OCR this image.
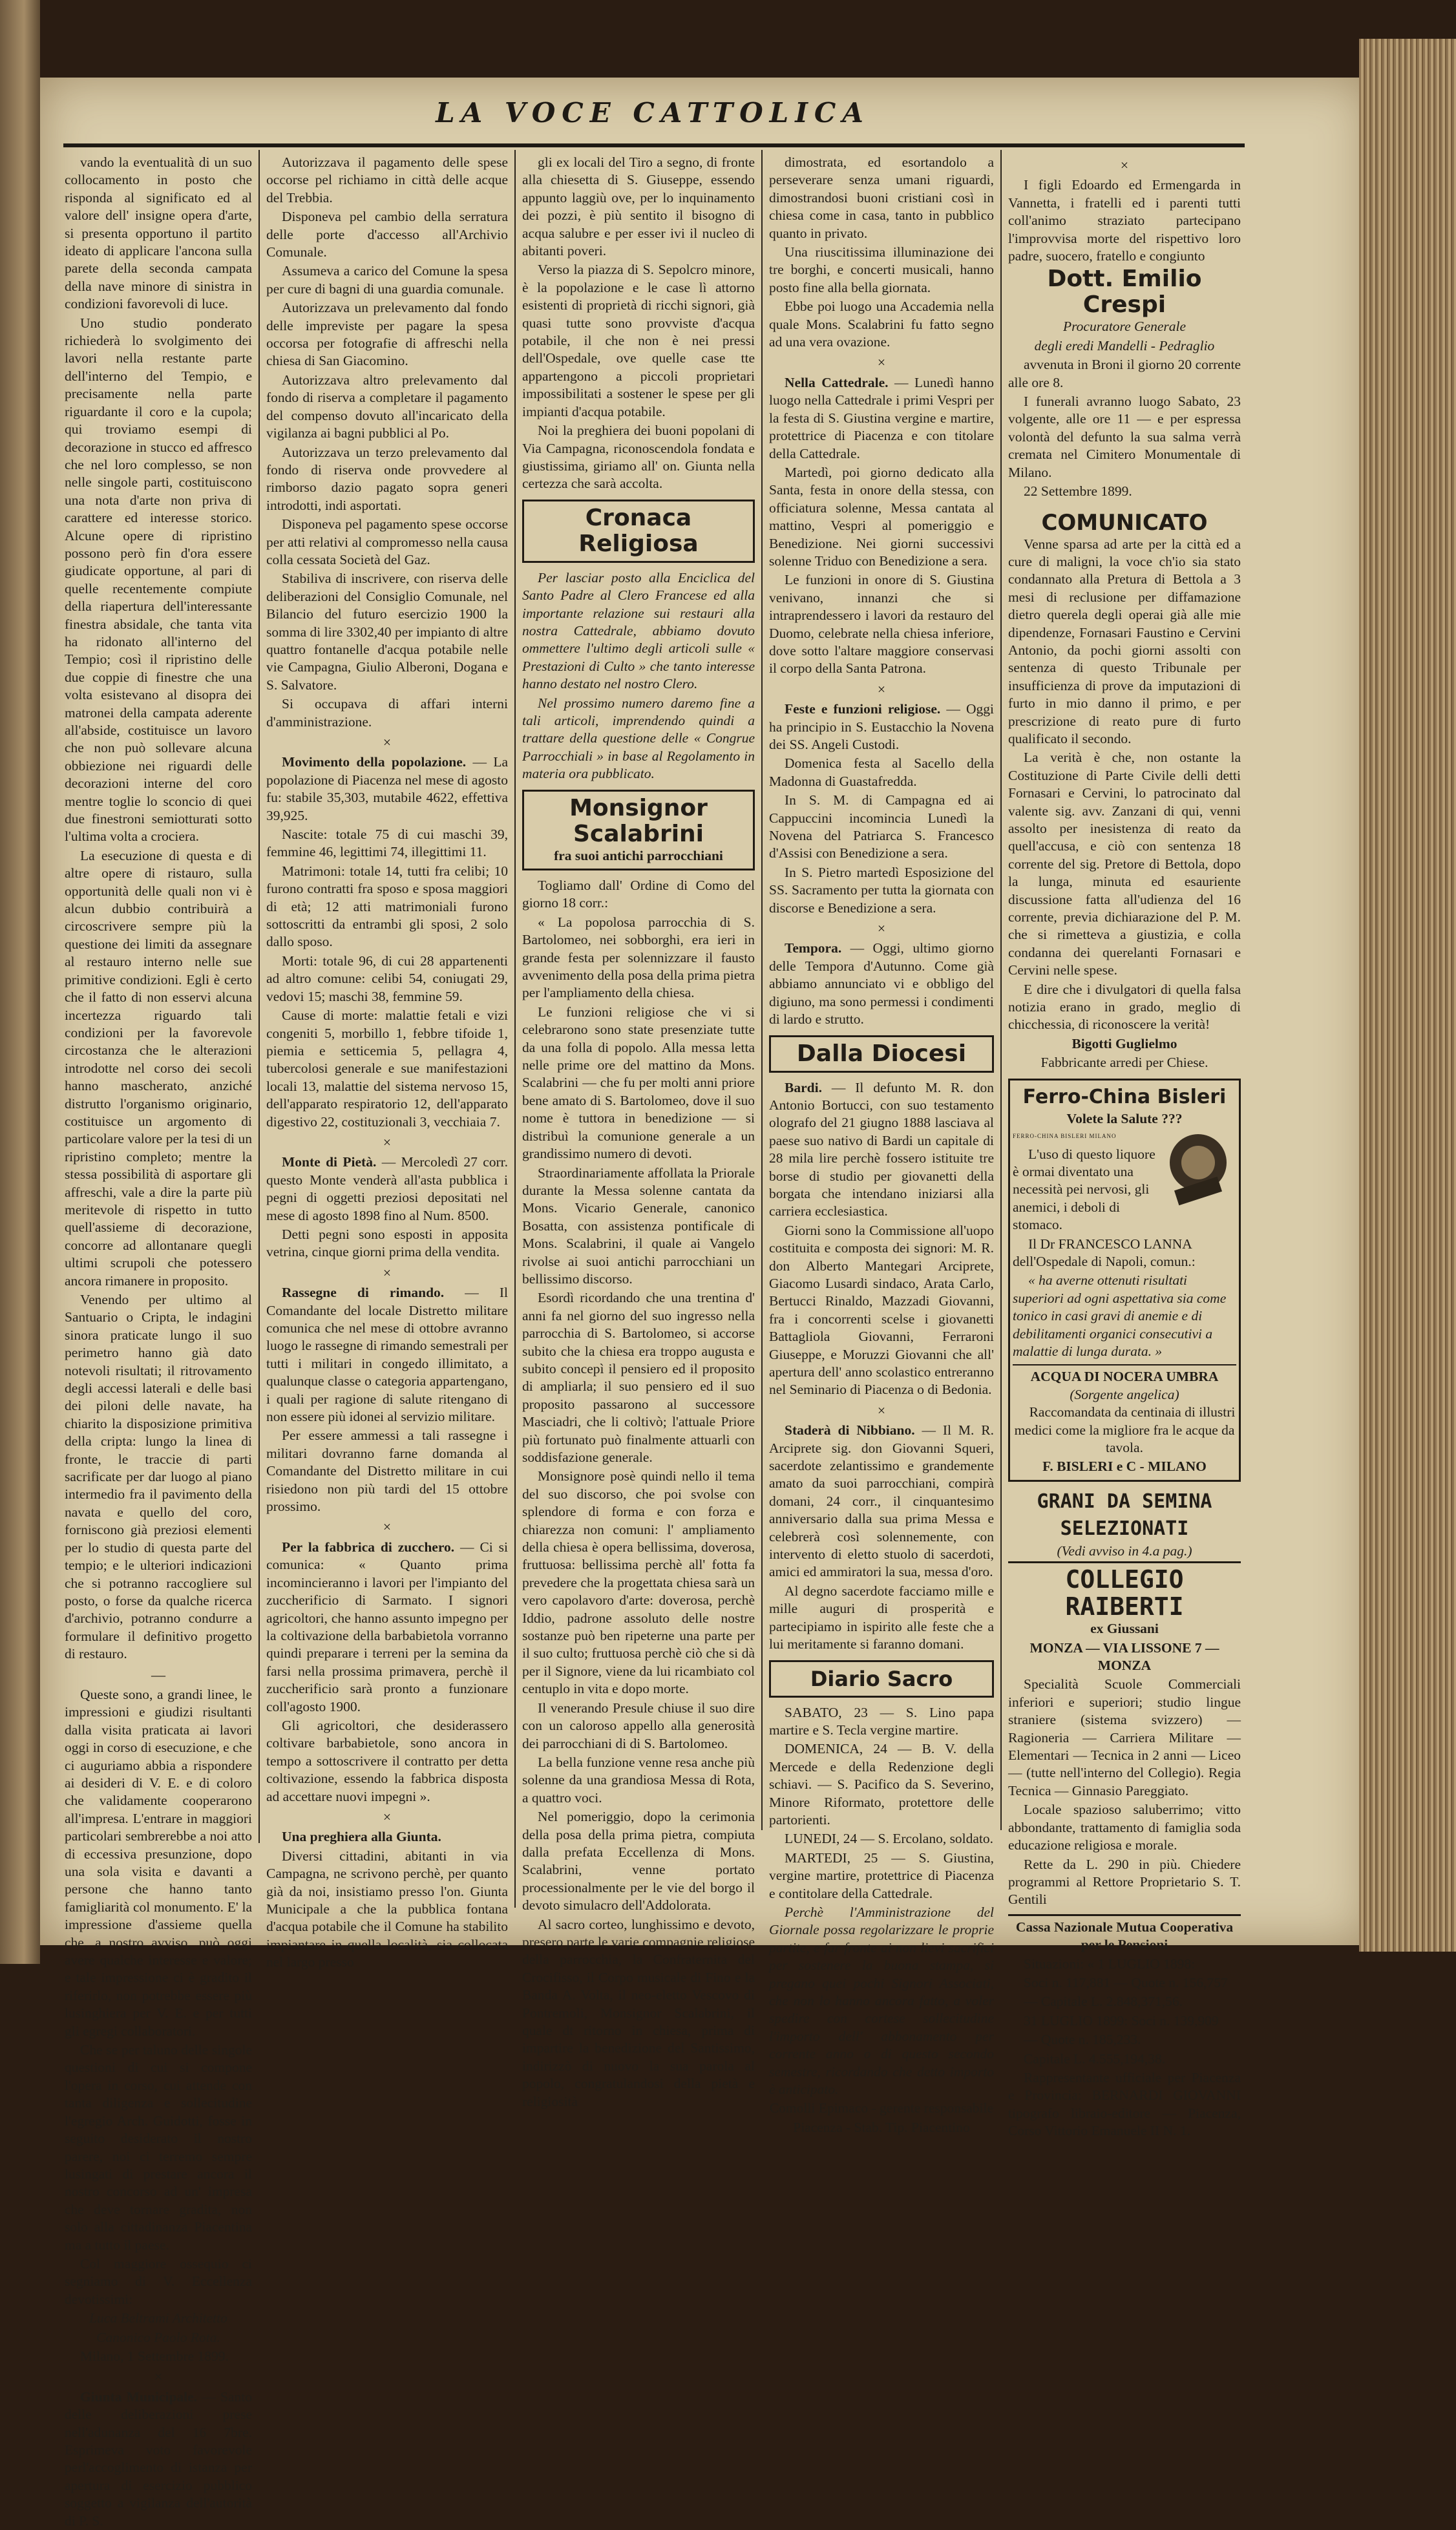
LA VOCE CATTOLICA

vando la eventualità di un suo collocamento in posto che risponda al significato ed al valore dell' insigne opera d'arte, si presenta opportuno il partito ideato di applicare l'ancona sulla parete della seconda campata della nave minore di sinistra in condizioni favorevoli di luce.

Uno studio ponderato richiederà lo svolgimento dei lavori nella restante parte dell'interno del Tempio, e precisamente nella parte riguardante il coro e la cupola; qui troviamo esempi di decorazione in stucco ed affresco che nel loro complesso, se non nelle singole parti, costituiscono una nota d'arte non priva di carattere ed interesse storico. Alcune opere di ripristino possono però fin d'ora essere giudicate opportune, al pari di quelle recentemente compiute della riapertura dell'interessante finestra absidale, che tanta vita ha ridonato all'interno del Tempio; così il ripristino delle due coppie di finestre che una volta esistevano al disopra dei matronei della campata aderente all'abside, costituisce un lavoro che non può sollevare alcuna obbiezione nei riguardi delle decorazioni interne del coro mentre toglie lo sconcio di quei due finestroni semiotturati sotto l'ultima volta a crociera.

La esecuzione di questa e di altre opere di ristauro, sulla opportunità delle quali non vi è alcun dubbio contribuirà a circoscrivere sempre più la questione dei limiti da assegnare al restauro interno nelle sue primitive condizioni. Egli è certo che il fatto di non esservi alcuna incertezza riguardo tali condizioni per la favorevole circostanza che le alterazioni introdotte nel corso dei secoli hanno mascherato, anziché distrutto l'organismo originario, costituisce un argomento di particolare valore per la tesi di un ripristino completo; mentre la stessa possibilità di asportare gli affreschi, vale a dire la parte più meritevole di rispetto in tutto quell'assieme di decorazione, concorre ad allontanare quegli ultimi scrupoli che potessero ancora rimanere in proposito.

Venendo per ultimo al Santuario o Cripta, le indagini sinora praticate lungo il suo perimetro hanno già dato notevoli risultati; il ritrovamento degli accessi laterali e delle basi dei piloni delle navate, ha chiarito la disposizione primitiva della cripta: lungo la linea di fronte, le traccie di parti sacrificate per dar luogo al piano intermedio fra il pavimento della navata e quello del coro, forniscono già preziosi elementi per lo studio di questa parte del tempio; e le ulteriori indicazioni che si potranno raccogliere sul posto, o forse da qualche ricerca d'archivio, potranno condurre a formulare il definitivo progetto di restauro.

—

Queste sono, a grandi linee, le impressioni e giudizi risultanti dalla visita praticata ai lavori oggi in corso di esecuzione, e che ci auguriamo abbia a rispondere ai desideri di V. E. e di coloro che validamente cooperarono all'impresa. L'entrare in maggiori particolari sembrerebbe a noi atto di eccessiva presunzione, dopo una sola visita e davanti a persone che hanno tanto famigliarità col monumento. E' la impressione d'assieme quella che, a nostro avviso, può oggi avere qualche interesse e valore; e tale impressione ci è gradito il riferirlo, non potrebbe essere più lusinghiera per V. E. e per tutti gli egregi collaboratori.

Che se per taluno delle singole questioni di cui si compone l'opera in corso, cui attende con tanta diligenza e sollecitudine l'egregio Arch. Guidotti, fosse in seguito desiderato il nostro parere, noi ci terremo sempre lusingati di prestare ancora il nostro concorso ad un' impresa che deve tornare gradita, non solo alla cittadinanza Piacentina ma a tutto il paese.

Col maggiore ossequio ci segniamo di V. Eccellenza devotissimi:

Luca Beltrami Architetto

Canonico Paolo Rota.

Milano, 1 Settembre 1899.

×

Giunta Municipale. — Santo delle deliberazioni prese nell'adunanza del 16 7bre. Esprimeva voto favorevole perl'accoglimento di istanza per apertura di esercizio pubblico soggetto a vigilanza dell'autorità di P. S.

Autorizzava il pagamento delle spese occorse pel richiamo in città delle acque del Trebbia.

Disponeva pel cambio della serratura delle porte d'accesso all'Archivio Comunale.

Assumeva a carico del Comune la spesa per cure di bagni di una guardia comunale.

Autorizzava un prelevamento dal fondo delle impreviste per pagare la spesa occorsa per fotografie di affreschi nella chiesa di San Giacomino.

Autorizzava altro prelevamento dal fondo di riserva a completare il pagamento del compenso dovuto all'incaricato della vigilanza ai bagni pubblici al Po.

Autorizzava un terzo prelevamento dal fondo di riserva onde provvedere al rimborso dazio pagato sopra generi introdotti, indi asportati.

Disponeva pel pagamento spese occorse per atti relativi al compromesso nella causa colla cessata Società del Gaz.

Stabiliva di inscrivere, con riserva delle deliberazioni del Consiglio Comunale, nel Bilancio del futuro esercizio 1900 la somma di lire 3302,40 per impianto di altre quattro fontanelle d'acqua potabile nelle vie Campagna, Giulio Alberoni, Dogana e S. Salvatore.

Si occupava di affari interni d'amministrazione.

×

Movimento della popolazione. — La popolazione di Piacenza nel mese di agosto fu: stabile 35,303, mutabile 4622, effettiva 39,925.

Nascite: totale 75 di cui maschi 39, femmine 46, legittimi 74, illegittimi 11.

Matrimoni: totale 14, tutti fra celibi; 10 furono contratti fra sposo e sposa maggiori di età; 12 atti matrimoniali furono sottoscritti da entrambi gli sposi, 2 solo dallo sposo.

Morti: totale 96, di cui 28 appartenenti ad altro comune: celibi 54, coniugati 29, vedovi 15; maschi 38, femmine 59.

Cause di morte: malattie fetali e vizi congeniti 5, morbillo 1, febbre tifoide 1, piemia e setticemia 5, pellagra 4, tubercolosi generale e sue manifestazioni locali 13, malattie del sistema nervoso 15, dell'apparato respiratorio 12, dell'apparato digestivo 22, costituzionali 3, vecchiaia 7.

×

Monte di Pietà. — Mercoledì 27 corr. questo Monte venderà all'asta pubblica i pegni di oggetti preziosi depositati nel mese di agosto 1898 fino al Num. 8500.

Detti pegni sono esposti in apposita vetrina, cinque giorni prima della vendita.

×

Rassegne di rimando. — Il Comandante del locale Distretto militare comunica che nel mese di ottobre avranno luogo le rassegne di rimando semestrali per tutti i militari in congedo illimitato, a qualunque classe o categoria appartengano, i quali per ragione di salute ritengano di non essere più idonei al servizio militare.

Per essere ammessi a tali rassegne i militari dovranno farne domanda al Comandante del Distretto militare in cui risiedono non più tardi del 15 ottobre prossimo.

×

Per la fabbrica di zucchero. — Ci si comunica: « Quanto prima incomincieranno i lavori per l'impianto del zuccherificio di Sarmato. I signori agricoltori, che hanno assunto impegno per la coltivazione della barbabietola vorranno quindi preparare i terreni per la semina da farsi nella prossima primavera, perchè il zuccherificio sarà pronto a funzionare coll'agosto 1900.

Gli agricoltori, che desiderassero coltivare barbabietole, sono ancora in tempo a sottoscrivere il contratto per detta coltivazione, essendo la fabbrica disposta ad accettare nuovi impegni ».

×

Una preghiera alla Giunta.

Diversi cittadini, abitanti in via Campagna, ne scrivono perchè, per quanto già da noi, insistiamo presso l'on. Giunta Municipale a che la pubblica fontana d'acqua potabile che il Comune ha stabilito impiantare in quella località, sia collocata nel largo presso

gli ex locali del Tiro a segno, di fronte alla chiesetta di S. Giuseppe, essendo appunto laggiù ove, per lo inquinamento dei pozzi, è più sentito il bisogno di acqua salubre e per esser ivi il nucleo di abitanti poveri.

Verso la piazza di S. Sepolcro minore, è la popolazione e le case lì attorno esistenti di proprietà di ricchi signori, già quasi tutte sono provviste d'acqua potabile, il che non è nei pressi dell'Ospedale, ove quelle case tte appartengono a piccoli proprietari impossibilitati a sostener le spese per gli impianti d'acqua potabile.

Noi la preghiera dei buoni popolani di Via Campagna, riconoscendola fondata e giustissima, giriamo all' on. Giunta nella certezza che sarà accolta.

Cronaca Religiosa

Per lasciar posto alla Enciclica del Santo Padre al Clero Francese ed alla importante relazione sui restauri alla nostra Cattedrale, abbiamo dovuto ommettere l'ultimo degli articoli sulle « Prestazioni di Culto » che tanto interesse hanno destato nel nostro Clero.

Nel prossimo numero daremo fine a tali articoli, imprendendo quindi a trattare della questione delle « Congrue Parrocchiali » in base al Regolamento in materia ora pubblicato.

Monsignor Scalabrini
fra suoi antichi parrocchiani

Togliamo dall' Ordine di Como del giorno 18 corr.:

« La popolosa parrocchia di S. Bartolomeo, nei sobborghi, era ieri in grande festa per solennizzare il fausto avvenimento della posa della prima pietra per l'ampliamento della chiesa.

Le funzioni religiose che vi si celebrarono sono state presenziate tutte da una folla di popolo. Alla messa letta nelle prime ore del mattino da Mons. Scalabrini — che fu per molti anni priore bene amato di S. Bartolomeo, dove il suo nome è tuttora in benedizione — si distribuì la comunione generale a un grandissimo numero di devoti.

Straordinariamente affollata la Priorale durante la Messa solenne cantata da Mons. Vicario Generale, canonico Bosatta, con assistenza pontificale di Mons. Scalabrini, il quale ai Vangelo rivolse ai suoi antichi parrocchiani un bellissimo discorso.

Esordì ricordando che una trentina d' anni fa nel giorno del suo ingresso nella parrocchia di S. Bartolomeo, si accorse subito che la chiesa era troppo augusta e subito concepì il pensiero ed il proposito di ampliarla; il suo pensiero ed il suo proposito passarono al successore Masciadri, che li coltivò; l'attuale Priore più fortunato può finalmente attuarli con soddisfazione generale.

Monsignore posè quindi nello il tema del suo discorso, che poi svolse con splendore di forma e con forza e chiarezza non comuni: l' ampliamento della chiesa è opera bellissima, doverosa, fruttuosa: bellissima perchè all' fotta fa prevedere che la progettata chiesa sarà un vero capolavoro d'arte: doverosa, perchè Iddio, padrone assoluto delle nostre sostanze può ben ripeterne una parte per il suo culto; fruttuosa perchè ciò che si dà per il Signore, viene da lui ricambiato col centuplo in vita e dopo morte.

Il venerando Presule chiuse il suo dire con un caloroso appello alla generosità dei parrocchiani di di S. Bartolomeo.

La bella funzione venne resa anche più solenne da una grandiosa Messa di Rota, a quattro voci.

Nel pomeriggio, dopo la cerimonia della posa della prima pietra, compiuta dalla prefata Eccellenza di Mons. Scalabrini, venne portato processionalmente per le vie del borgo il devoto simulacro dell'Addolorata.

Al sacro corteo, lunghissimo e devoto, presero parte le varie compagnie religiose della parrocchia, la Confraternita del Crocifisso, il Corpo musicale di Fino e la Banda A. Volta, il neo-eletto Vescovo di Pontremoli, Monsignor Scalabrini, il quale dt ritorno in chiesa, prima di impartire la benedizione del Santissimo, indirizzò di nuovo la sua parola al popolo, congratulandosi della pietà e religiosità

dimostrata, ed esortandolo a perseverare senza umani riguardi, dimostrandosi buoni cristiani così in chiesa come in casa, tanto in pubblico quanto in privato.

Una riuscitissima illuminazione dei tre borghi, e concerti musicali, hanno posto fine alla bella giornata.

Ebbe poi luogo una Accademia nella quale Mons. Scalabrini fu fatto segno ad una vera ovazione.

×

Nella Cattedrale. — Lunedì hanno luogo nella Cattedrale i primi Vespri per la festa di S. Giustina vergine e martire, protettrice di Piacenza e con titolare della Cattedrale.

Martedì, poi giorno dedicato alla Santa, festa in onore della stessa, con officiatura solenne, Messa cantata al mattino, Vespri al pomeriggio e Benedizione. Nei giorni successivi solenne Triduo con Benedizione a sera.

Le funzioni in onore di S. Giustina venivano, innanzi che si intraprendessero i lavori da restauro del Duomo, celebrate nella chiesa inferiore, dove sotto l'altare maggiore conservasi il corpo della Santa Patrona.

×

Feste e funzioni religiose. — Oggi ha principio in S. Eustacchio la Novena dei SS. Angeli Custodi.

Domenica festa al Sacello della Madonna di Guastafredda.

In S. M. di Campagna ed ai Cappuccini incomincia Lunedì la Novena del Patriarca S. Francesco d'Assisi con Benedizione a sera.

In S. Pietro martedì Esposizione del SS. Sacramento per tutta la giornata con discorse e Benedizione a sera.

×

Tempora. — Oggi, ultimo giorno delle Tempora d'Autunno. Come già abbiamo annunciato vi e obbligo del digiuno, ma sono permessi i condimenti di lardo e strutto.

Dalla Diocesi

Bardi. — Il defunto M. R. don Antonio Bortucci, con suo testamento olografo del 21 giugno 1888 lasciava al paese suo nativo di Bardi un capitale di 28 mila lire perchè fossero istituite tre borse di studio per giovanetti della borgata che intendano iniziarsi alla carriera ecclesiastica.

Giorni sono la Commissione all'uopo costituita e composta dei signori: M. R. don Alberto Mantegari Arciprete, Giacomo Lusardi sindaco, Arata Carlo, Bertucci Rinaldo, Mazzadi Giovanni, fra i concorrenti scelse i giovanetti Battagliola Giovanni, Ferraroni Giuseppe, e Moruzzi Giovanni che all' apertura dell' anno scolastico entreranno nel Seminario di Piacenza o di Bedonia.

×

Staderà di Nibbiano. — Il M. R. Arciprete sig. don Giovanni Squeri, sacerdote zelantissimo e grandemente amato da suoi parrocchiani, compirà domani, 24 corr., il cinquantesimo anniversario dalla sua prima Messa e celebrerà così solennemente, con intervento di eletto stuolo di sacerdoti, amici ed ammiratori la sua, messa d'oro.

Al degno sacerdote facciamo mille e mille auguri di prosperità e partecipiamo in ispirito alle feste che a lui meritamente si faranno domani.

Diario Sacro

SABATO, 23 — S. Lino papa martire e S. Tecla vergine martire.

DOMENICA, 24 — B. V. della Mercede e della Redenzione degli schiavi. — S. Pacifico da S. Severino, Minore Riformato, protettore delle partorienti.

LUNEDI, 24 — S. Ercolano, soldato.

MARTEDI, 25 — S. Giustina, vergine martire, protettrice di Piacenza e contitolare della Cattedrale.

Perchè l'Amministrazione del Giornale possa regolarizzare le proprie partite, e far fronte ai non lievi sacrifici per sostenere la buona stampa, si pregano quei pochi Signori Associati, che non lo hanno ancora fatto, a voler spedire con cortese sollecitudine l'importo dell' abbonamento per corrente anno o di questo secondo semestre, ricordando che detto importo è anticipato.

Comolli Epimaco - gerente responsabile

Piacenza - Stab. Tip. Piacentino

×

I figli Edoardo ed Ermengarda in Vannetta, i fratelli ed i parenti tutti coll'animo straziato partecipano l'improvvisa morte del rispettivo loro padre, suocero, fratello e congiunto

Dott. Emilio Crespi

Procuratore Generale

degli eredi Mandelli - Pedraglio

avvenuta in Broni il giorno 20 corrente alle ore 8.

I funerali avranno luogo Sabato, 23 volgente, alle ore 11 — e per espressa volontà del defunto la sua salma verrà cremata nel Cimitero Monumentale di Milano.

22 Settembre 1899.

COMUNICATO

Venne sparsa ad arte per la città ed a cure di maligni, la voce ch'io sia stato condannato alla Pretura di Bettola a 3 mesi di reclusione per diffamazione dietro querela degli operai già alle mie dipendenze, Fornasari Faustino e Cervini Antonio, da pochi giorni assolti con sentenza di questo Tribunale per insufficienza di prove da imputazioni di furto in mio danno il primo, e per prescrizione di reato pure di furto qualificato il secondo.

La verità è che, non ostante la Costituzione di Parte Civile delli detti Fornasari e Cervini, lo patrocinato dal valente sig. avv. Zanzani di qui, venni assolto per inesistenza di reato da quell'accusa, e ciò con sentenza 18 corrente del sig. Pretore di Bettola, dopo la lunga, minuta ed esauriente discussione fatta all'udienza del 16 corrente, previa dichiarazione del P. M. che si rimetteva a giustizia, e colla condanna dei querelanti Fornasari e Cervini nelle spese.

E dire che i divulgatori di quella falsa notizia erano in grado, meglio di chicchessia, di riconoscere la verità!

Bigotti Guglielmo

Fabbricante arredi per Chiese.

Ferro-China Bisleri
Volete la Salute ???
FERRO-CHINA BISLERI MILANO

L'uso di questo liquore è ormai diventato una necessità pei nervosi, gli anemici, i deboli di stomaco.

Il Dr FRANCESCO LANNA dell'Ospedale di Napoli, comun.:

« ha averne ottenuti risultati superiori ad ogni aspettativa sia come tonico in casi gravi di anemie e di debilitamenti organici consecutivi a malattie di lunga durata. »

ACQUA DI NOCERA UMBRA
(Sorgente angelica)

Raccomandata da centinaia di illustri medici come la migliore fra le acque da tavola.

F. BISLERI e C - MILANO
GRANI DA SEMINA SELEZIONATI

(Vedi avviso in 4.a pag.)

COLLEGIO RAIBERTI

ex Giussani

MONZA — VIA LISSONE 7 — MONZA

Specialità Scuole Commerciali inferiori e superiori; studio lingue straniere (sistema svizzero) — Ragioneria — Carriera Militare — Elementari — Tecnica in 2 anni — Liceo — (tutte nell'interno del Collegio). Regia Tecnica — Ginnasio Pareggiato.

Locale spazioso saluberrimo; vitto abbondante, trattamento di famiglia soda educazione religiosa e morale.

Rette da L. 290 in più. Chiedere programmi al Rettore Proprietario S. T. Gentili

Cassa Nazionale Mutua Cooperativa per le Pensioni

Situazioni: « 1 LUGLIO 1898:

Soci n. 117,881 — Quote n. 156,757

— Capitale L. 2.848,371,56.

31 LUGLIO 1899: Soci n. 139,909

— Quote n. 185,233.

Capitale L. 4.555,194,38.

Rappresentante ufficiale per Piacenza e Provincia: BERNARDI GIOVANNI tipografo libraio-editore — Piacenza, Corso Vittorio Emanuele II N. 1.
